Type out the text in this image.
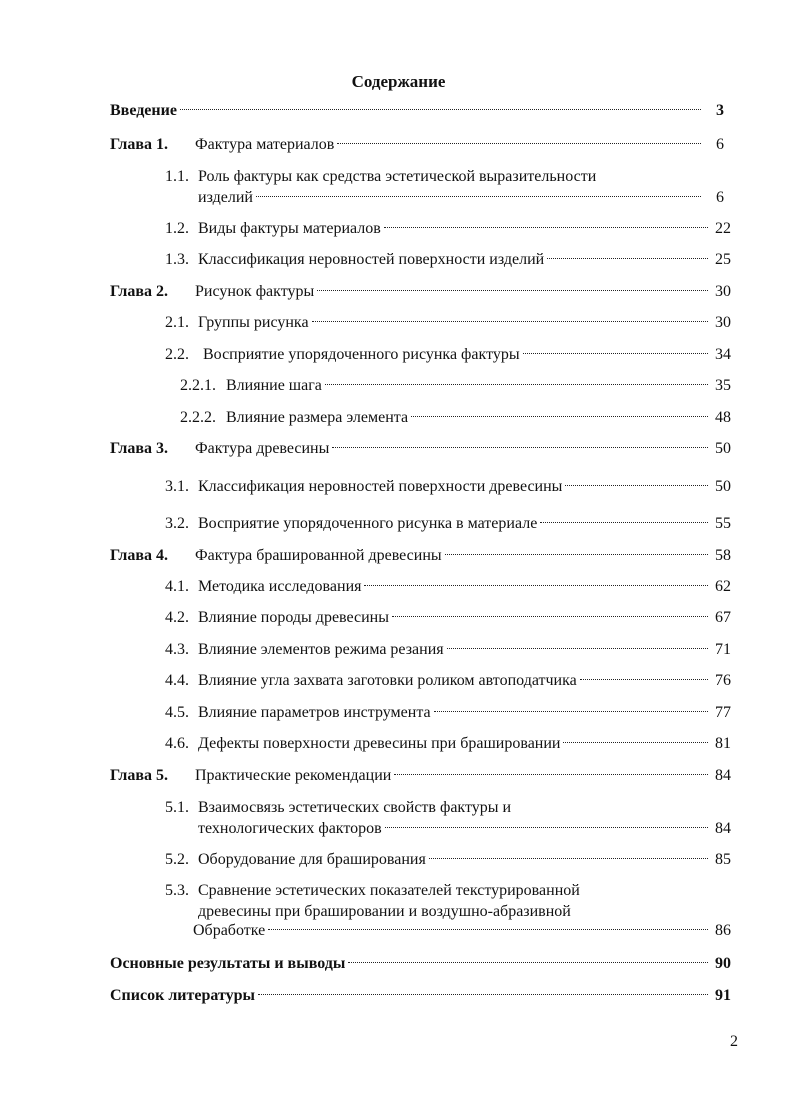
Содержание
Введение	3
Глава 1.	Фактура материалов	6
1.1. Роль фактуры как средства эстетической выразительности
изделий	6
1.2. Виды фактуры материалов	22
1.3. Классификация неровностей поверхности изделий	25
Глава 2.	Рисунок фактуры	30
2.1. Группы рисунка	30
2.2. Восприятие упорядоченного рисунка фактуры	34
2.2.1. Влияние шага	35
2.2.2. Влияние размера элемента	48
Глава 3.	Фактура древесины	50
3.1. Классификация неровностей поверхности древесины	50
3.2. Восприятие упорядоченного рисунка в материале	55
Глава 4.	Фактура брашированной древесины	58
4.1. Методика исследования	62
4.2. Влияние породы древесины	67
4.3. Влияние элементов режима резания	71
4.4. Влияние угла захвата заготовки роликом автоподатчика	76
4.5. Влияние параметров инструмента	77
4.6. Дефекты поверхности древесины при брашировании	81
Глава 5.	Практические рекомендации	84
5.1. Взаимосвязь эстетических свойств фактуры и
технологических факторов	84
5.2. Оборудование для браширования	85
5.3. Сравнение эстетических показателей текстурированной
древесины при брашировании и воздушно-абразивной
Обработке	86
Основные результаты и выводы	90
Список литературы	91
2
